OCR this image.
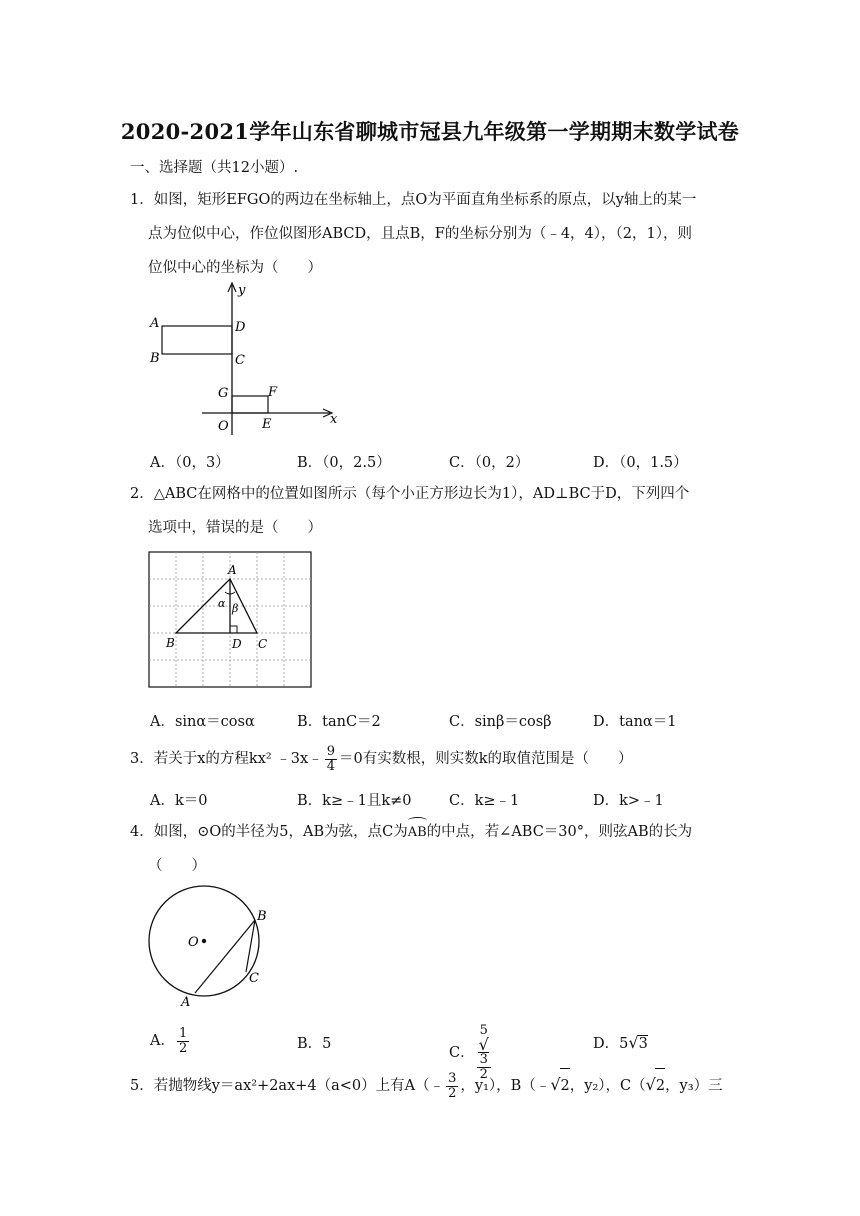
2020-2021学年山东省聊城市冠县九年级第一学期期末数学试卷
一、选择题（共12小题）.
1．如图，矩形EFGO的两边在坐标轴上，点O为平面直角坐标系的原点，以y轴上的某一
点为位似中心，作位似图形ABCD，且点B，F的坐标分别为（﹣4，4），（2，1），则
位似中心的坐标为（　　）
y
x
A
B	C
D
G	F
O	E
A．（0，3）	B．（0，2.5）	C．（0，2）	D．（0，1.5）
2．△ABC在网格中的位置如图所示（每个小正方形边长为1），AD⊥BC于D，下列四个
选项中，错误的是（　　）
A
B	D C
α β
A．sinα＝cosα	B．tanC＝2	C．sinβ＝cosβ	D．tanα＝1
3．若关于x的方程kx² ﹣3x﹣ $\frac{9}{4} =0$有实数根，则实数k的取值范围是（　　）
A．k＝0	B．k≥﹣1且k≠0	C．k≥﹣1	D．k>﹣1
4．如图，⊙O的半径为5，AB为弦，点C为
AB的中点，若∠ABC＝30°，则弦AB的长为
（　　）
O
B
C
A
A． $\frac{1}{2}$	B．5
C． 5
√
3
2	D．5√3
5．若抛物线y＝ax²+2ax+4（a<0）上有A（﹣ $\frac{3}{2}$ ，y₁），B（﹣√2，y₂），C（√2，y₃）三
